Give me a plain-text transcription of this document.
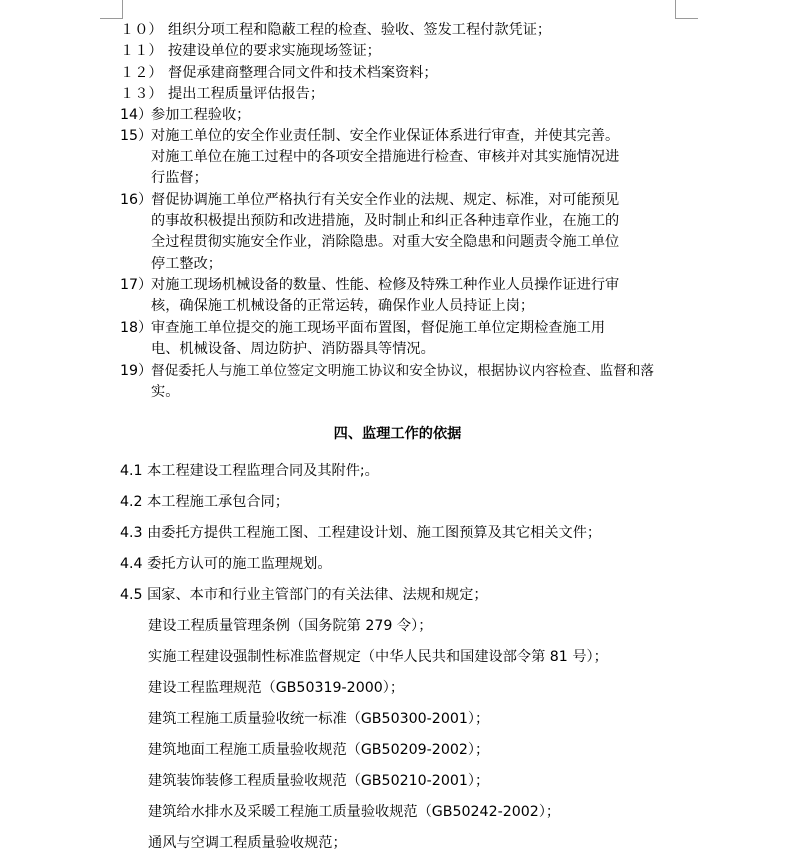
１０） 组织分项工程和隐蔽工程的检查、验收、签发工程付款凭证；
１１） 按建设单位的要求实施现场签证；
１２） 督促承建商整理合同文件和技术档案资料；
１３） 提出工程质量评估报告；
14）
参加工程验收；
15）
对施工单位的安全作业责任制、安全作业保证体系进行审查，并使其完善。
对施工单位在施工过程中的各项安全措施进行检查、审核并对其实施情况进
行监督；
16）
督促协调施工单位严格执行有关安全作业的法规、规定、标准，对可能预见
的事故积极提出预防和改进措施，及时制止和纠正各种违章作业，在施工的
全过程贯彻实施安全作业，消除隐患。对重大安全隐患和问题责令施工单位
停工整改；
17）
对施工现场机械设备的数量、性能、检修及特殊工种作业人员操作证进行审
核，确保施工机械设备的正常运转，确保作业人员持证上岗；
18）
审查施工单位提交的施工现场平面布置图，督促施工单位定期检查施工用
电、机械设备、周边防护、消防器具等情况。
19）
督促委托人与施工单位签定文明施工协议和安全协议，根据协议内容检查、监督和落
实。
四、监理工作的依据
4.1 本工程建设工程监理合同及其附件;。
4.2 本工程施工承包合同；
4.3 由委托方提供工程施工图、工程建设计划、施工图预算及其它相关文件；
4.4 委托方认可的施工监理规划。
4.5 国家、本市和行业主管部门的有关法律、法规和规定；
建设工程质量管理条例（国务院第 279 令）；
实施工程建设强制性标准监督规定（中华人民共和国建设部令第 81 号）；
建设工程监理规范（GB50319-2000）；
建筑工程施工质量验收统一标准（GB50300-2001）；
建筑地面工程施工质量验收规范（GB50209-2002）；
建筑装饰装修工程质量验收规范（GB50210-2001）；
建筑给水排水及采暖工程施工质量验收规范（GB50242-2002）；
通风与空调工程质量验收规范；
